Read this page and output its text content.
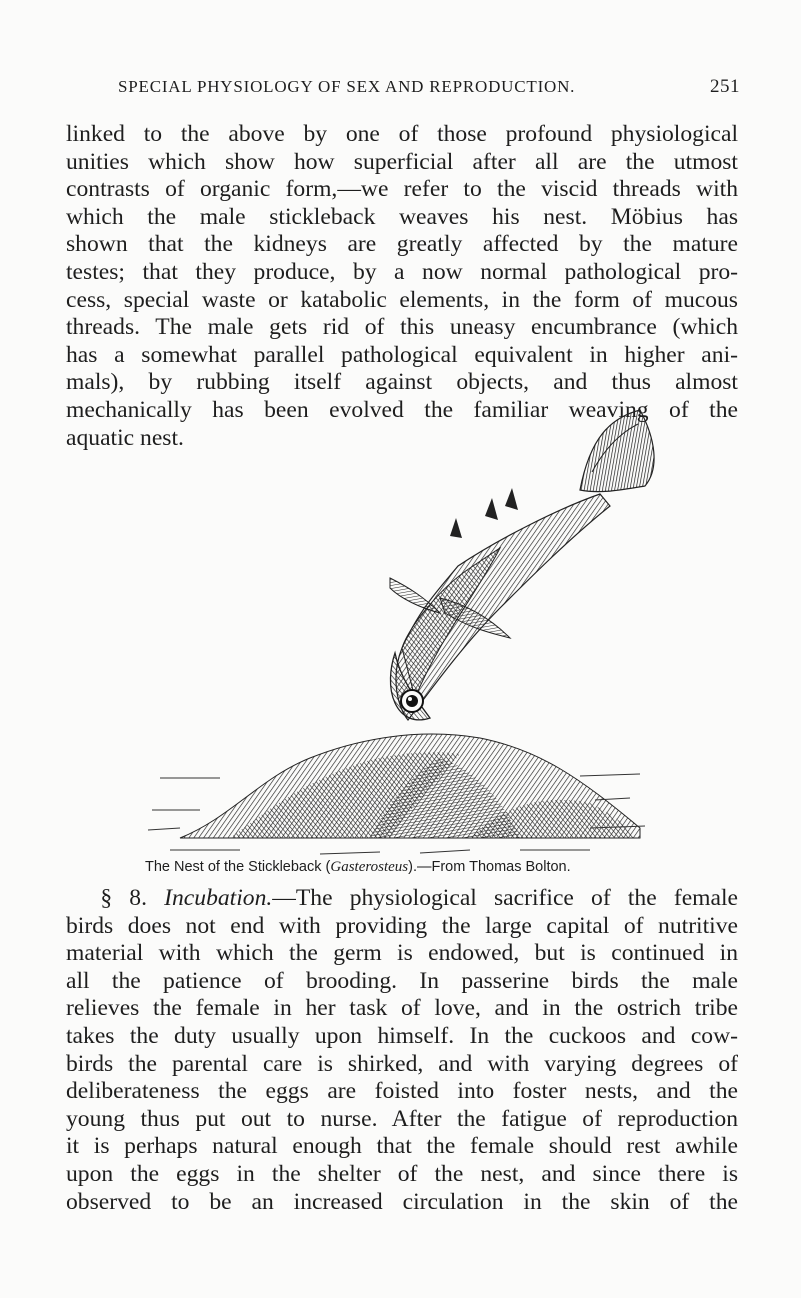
SPECIAL PHYSIOLOGY OF SEX AND REPRODUCTION.	251
linked to the above by one of those profound physiological
unities which show how superficial after all are the utmost
contrasts of organic form,—we refer to the viscid threads with
which the male stickleback weaves his nest. Möbius has
shown that the kidneys are greatly affected by the mature
testes; that they produce, by a now normal pathological pro-
cess, special waste or katabolic elements, in the form of mucous
threads. The male gets rid of this uneasy encumbrance (which
has a somewhat parallel pathological equivalent in higher ani-
mals), by rubbing itself against objects, and thus almost
mechanically has been evolved the familiar weaving of the
aquatic nest.
The Nest of the Stickleback (Gasterosteus).—From Thomas Bolton.
§ 8. Incubation.—The physiological sacrifice of the female
birds does not end with providing the large capital of nutritive
material with which the germ is endowed, but is continued in
all the patience of brooding. In passerine birds the male
relieves the female in her task of love, and in the ostrich tribe
takes the duty usually upon himself. In the cuckoos and cow-
birds the parental care is shirked, and with varying degrees of
deliberateness the eggs are foisted into foster nests, and the
young thus put out to nurse. After the fatigue of reproduction
it is perhaps natural enough that the female should rest awhile
upon the eggs in the shelter of the nest, and since there is
observed to be an increased circulation in the skin of the
